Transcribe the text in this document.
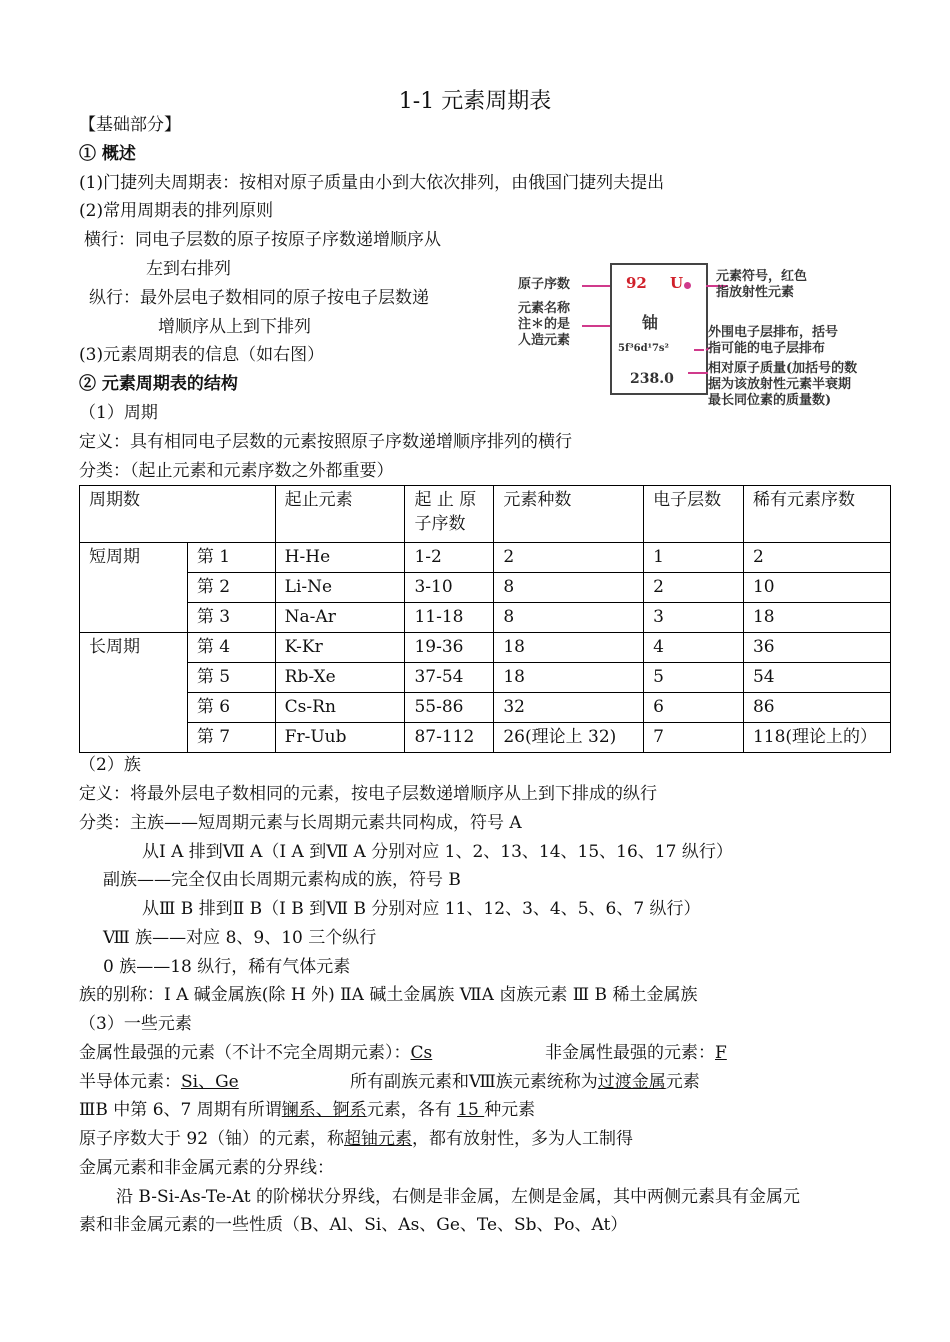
1-1 元素周期表
【基础部分】
① 概述
(1)门捷列夫周期表：按相对原子质量由小到大依次排列，由俄国门捷列夫提出
(2)常用周期表的排列原则
横行：同电子层数的原子按原子序数递增顺序从
左到右排列
纵行：最外层电子数相同的原子按电子层数递
增顺序从上到下排列
(3)元素周期表的信息（如右图）
② 元素周期表的结构
（1）周期
定义：具有相同电子层数的元素按照原子序数递增顺序排列的横行
分类：（起止元素和元素序数之外都重要）
原子序数
元素名称
注＊的是
人造元素
92 U
铀
5f³6d¹7s²
238.0
元素符号，红色
指放射性元素
外围电子层排布，括号
指可能的电子层排布
相对原子质量(加括号的数
据为该放射性元素半衰期
最长同位素的质量数)
周期数		起止元素	起 止 原子序数	元素种数	电子层数	稀有元素序数
短周期	第 1	H-He	1-2	2	1	2
	第 2	Li-Ne	3-10	8	2	10
	第 3	Na-Ar	11-18	8	3	18
长周期	第 4	K-Kr	19-36	18	4	36
	第 5	Rb-Xe	37-54	18	5	54
	第 6	Cs-Rn	55-86	32	6	86
	第 7	Fr-Uub	87-112	26(理论上 32)	7	118(理论上的）
（2）族
定义：将最外层电子数相同的元素，按电子层数递增顺序从上到下排成的纵行
分类：主族——短周期元素与长周期元素共同构成，符号 A
从Ⅰ A 排到Ⅶ A（Ⅰ A 到Ⅶ A 分别对应 1、2、13、14、15、16、17 纵行）
副族——完全仅由长周期元素构成的族，符号 B
从Ⅲ B 排到Ⅱ B（Ⅰ B 到Ⅶ B 分别对应 11、12、3、4、5、6、7 纵行）
Ⅷ 族——对应 8、9、10 三个纵行
0 族——18 纵行，稀有气体元素
族的别称：Ⅰ A 碱金属族(除 H 外) ⅡA 碱土金属族 ⅦA 卤族元素 Ⅲ B 稀土金属族
（3）一些元素
金属性最强的元素（不计不完全周期元素）：Cs	非金属性最强的元素：F
半导体元素：Si、Ge	所有副族元素和Ⅷ族元素统称为过渡金属元素
ⅢB 中第 6、7 周期有所谓镧系、锕系元素，各有 15 种元素
原子序数大于 92（铀）的元素，称超铀元素，都有放射性，多为人工制得
金属元素和非金属元素的分界线：
沿 B-Si-As-Te-At 的阶梯状分界线，右侧是非金属，左侧是金属，其中两侧元素具有金属元
素和非金属元素的一些性质（B、Al、Si、As、Ge、Te、Sb、Po、At）
